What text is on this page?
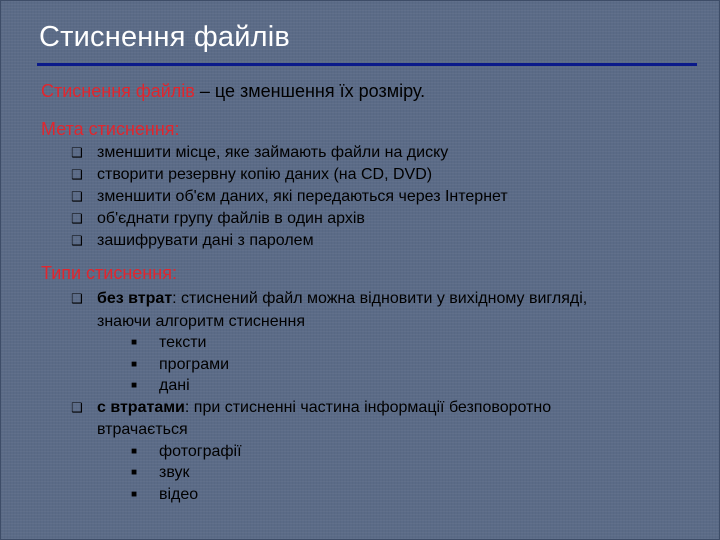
Стиснення файлів
Стиснення файлів – це зменшення їх розміру.
Мета стиснення:
❑ зменшити місце, яке займають файли на диску
❑ створити резервну копію даних (на CD, DVD)
❑ зменшити об'єм даних, які передаються через Інтернет
❑ об'єднати групу файлів в один архів
❑ зашифрувати дані з паролем
Типи стиснення:
❑ без втрат: стиснений файл можна відновити у вихідному вигляді,
знаючи алгоритм стиснення
■ тексти
■ програми
■ дані
❑ с втратами: при стисненні частина інформації безповоротно
втрачається
■ фотографії
■ звук
■ відео
